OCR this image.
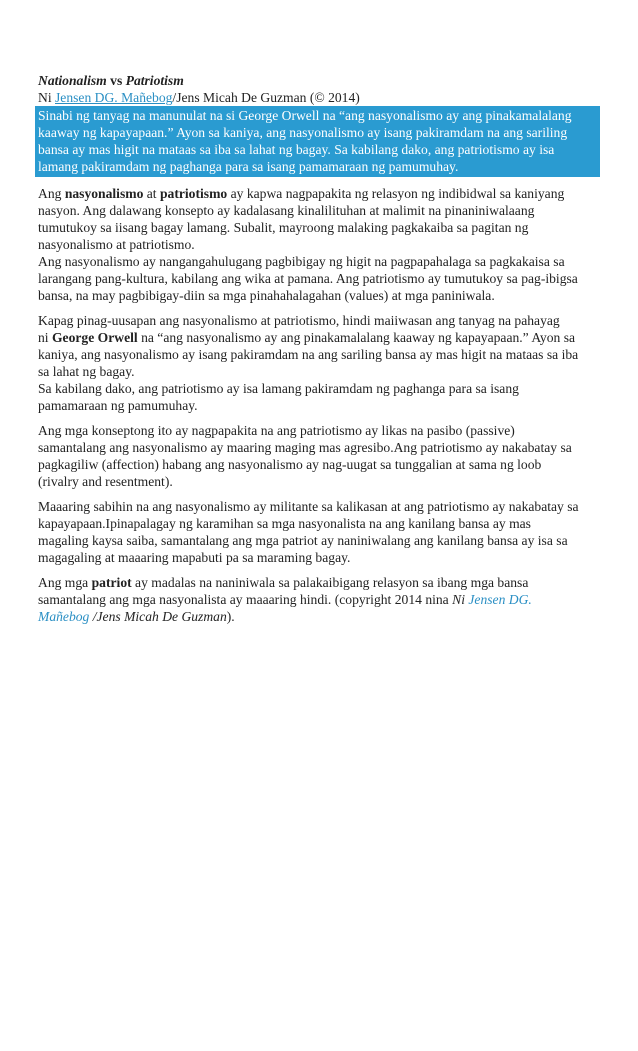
Nationalism vs Patriotism

Ni Jensen DG. Mañebog/Jens Micah De Guzman (© 2014)

Sinabi ng tanyag na manunulat na si George Orwell na “ang nasyonalismo ay ang pinakamalalang

kaaway ng kapayapaan.” Ayon sa kaniya, ang nasyonalismo ay isang pakiramdam na ang sariling

bansa ay mas higit na mataas sa iba sa lahat ng bagay. Sa kabilang dako, ang patriotismo ay isa

lamang pakiramdam ng paghanga para sa isang pamamaraan ng pamumuhay.

Ang nasyonalismo at patriotismo ay kapwa nagpapakita ng relasyon ng indibidwal sa kaniyang
nasyon. Ang dalawang konsepto ay kadalasang kinalilituhan at malimit na pinaniniwalaang
tumutukoy sa iisang bagay lamang. Subalit, mayroong malaking pagkakaiba sa pagitan ng
nasyonalismo at patriotismo.
Ang nasyonalismo ay nangangahulugang pagbibigay ng higit na pagpapahalaga sa pagkakaisa sa
larangang pang-kultura, kabilang ang wika at pamana. Ang patriotismo ay tumutukoy sa pag-ibigsa
bansa, na may pagbibigay-diin sa mga pinahahalagahan (values) at mga paniniwala.
Kapag pinag-uusapan ang nasyonalismo at patriotismo, hindi maiiwasan ang tanyag na pahayag
ni George Orwell na “ang nasyonalismo ay ang pinakamalalang kaaway ng kapayapaan.” Ayon sa
kaniya, ang nasyonalismo ay isang pakiramdam na ang sariling bansa ay mas higit na mataas sa iba
sa lahat ng bagay.
Sa kabilang dako, ang patriotismo ay isa lamang pakiramdam ng paghanga para sa isang
pamamaraan ng pamumuhay.
Ang mga konseptong ito ay nagpapakita na ang patriotismo ay likas na pasibo (passive)
samantalang ang nasyonalismo ay maaring maging mas agresibo.Ang patriotismo ay nakabatay sa
pagkagiliw (affection) habang ang nasyonalismo ay nag-uugat sa tunggalian at sama ng loob
(rivalry and resentment).
Maaaring sabihin na ang nasyonalismo ay militante sa kalikasan at ang patriotismo ay nakabatay sa
kapayapaan.Ipinapalagay ng karamihan sa mga nasyonalista na ang kanilang bansa ay mas
magaling kaysa saiba, samantalang ang mga patriot ay naniniwalang ang kanilang bansa ay isa sa
magagaling at maaaring mapabuti pa sa maraming bagay.
Ang mga patriot ay madalas na naniniwala sa palakaibigang relasyon sa ibang mga bansa
samantalang ang mga nasyonalista ay maaaring hindi. (copyright 2014 nina Ni Jensen DG.
Mañebog /Jens Micah De Guzman).
